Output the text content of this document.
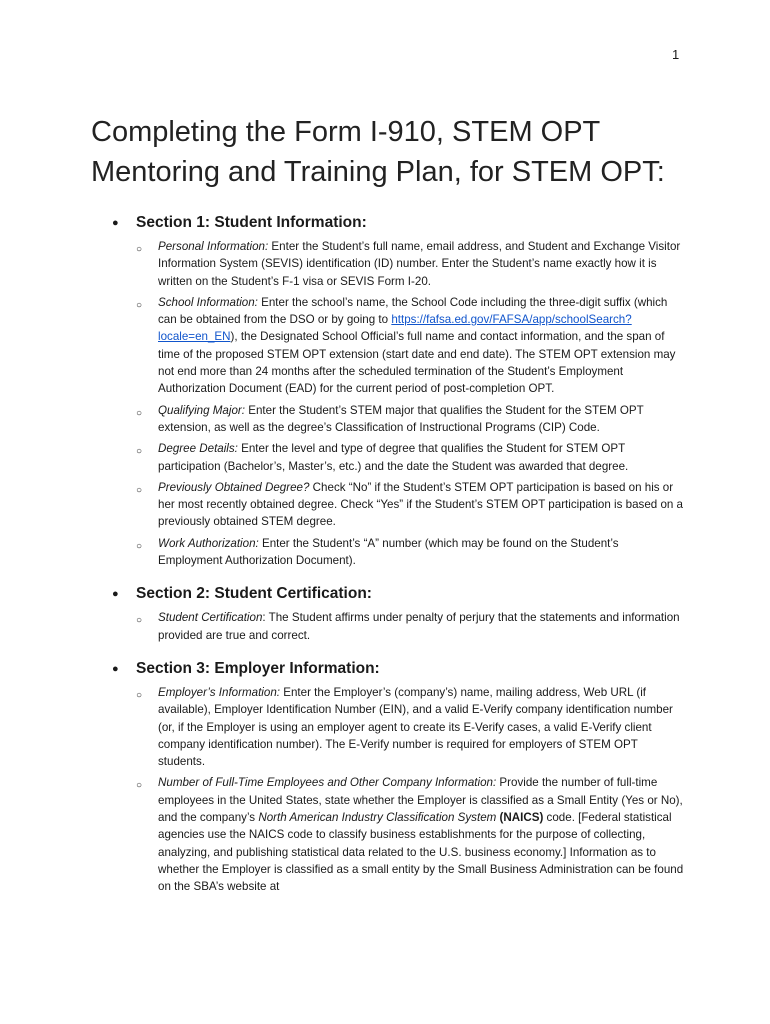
1
Completing the Form I-910, STEM OPT Mentoring and Training Plan, for STEM OPT:
● Section 1: Student Information:
○ Personal Information: Enter the Student’s full name, email address, and Student and Exchange Visitor Information System (SEVIS) identification (ID) number. Enter the Student’s name exactly how it is written on the Student’s F-1 visa or SEVIS Form I-20.
○ School Information: Enter the school’s name, the School Code including the three-digit suffix (which can be obtained from the DSO or by going to https://fafsa.ed.gov/FAFSA/app/schoolSearch?locale=en_EN), the Designated School Official’s full name and contact information, and the span of time of the proposed STEM OPT extension (start date and end date). The STEM OPT extension may not end more than 24 months after the scheduled termination of the Student’s Employment Authorization Document (EAD) for the current period of post-completion OPT.
○ Qualifying Major: Enter the Student’s STEM major that qualifies the Student for the STEM OPT extension, as well as the degree’s Classification of Instructional Programs (CIP) Code.
○ Degree Details: Enter the level and type of degree that qualifies the Student for STEM OPT participation (Bachelor’s, Master’s, etc.) and the date the Student was awarded that degree.
○ Previously Obtained Degree? Check “No” if the Student’s STEM OPT participation is based on his or her most recently obtained degree. Check “Yes” if the Student’s STEM OPT participation is based on a previously obtained STEM degree.
○ Work Authorization: Enter the Student’s “A” number (which may be found on the Student’s Employment Authorization Document).
● Section 2: Student Certification:
○ Student Certification: The Student affirms under penalty of perjury that the statements and information provided are true and correct.
● Section 3: Employer Information:
○ Employer’s Information: Enter the Employer’s (company’s) name, mailing address, Web URL (if available), Employer Identification Number (EIN), and a valid E-Verify company identification number (or, if the Employer is using an employer agent to create its E-Verify cases, a valid E-Verify client company identification number). The E-Verify number is required for employers of STEM OPT students.
○ Number of Full-Time Employees and Other Company Information: Provide the number of full-time employees in the United States, state whether the Employer is classified as a Small Entity (Yes or No), and the company’s North American Industry Classification System (NAICS) code. [Federal statistical agencies use the NAICS code to classify business establishments for the purpose of collecting, analyzing, and publishing statistical data related to the U.S. business economy.] Information as to whether the Employer is classified as a small entity by the Small Business Administration can be found on the SBA’s website at
